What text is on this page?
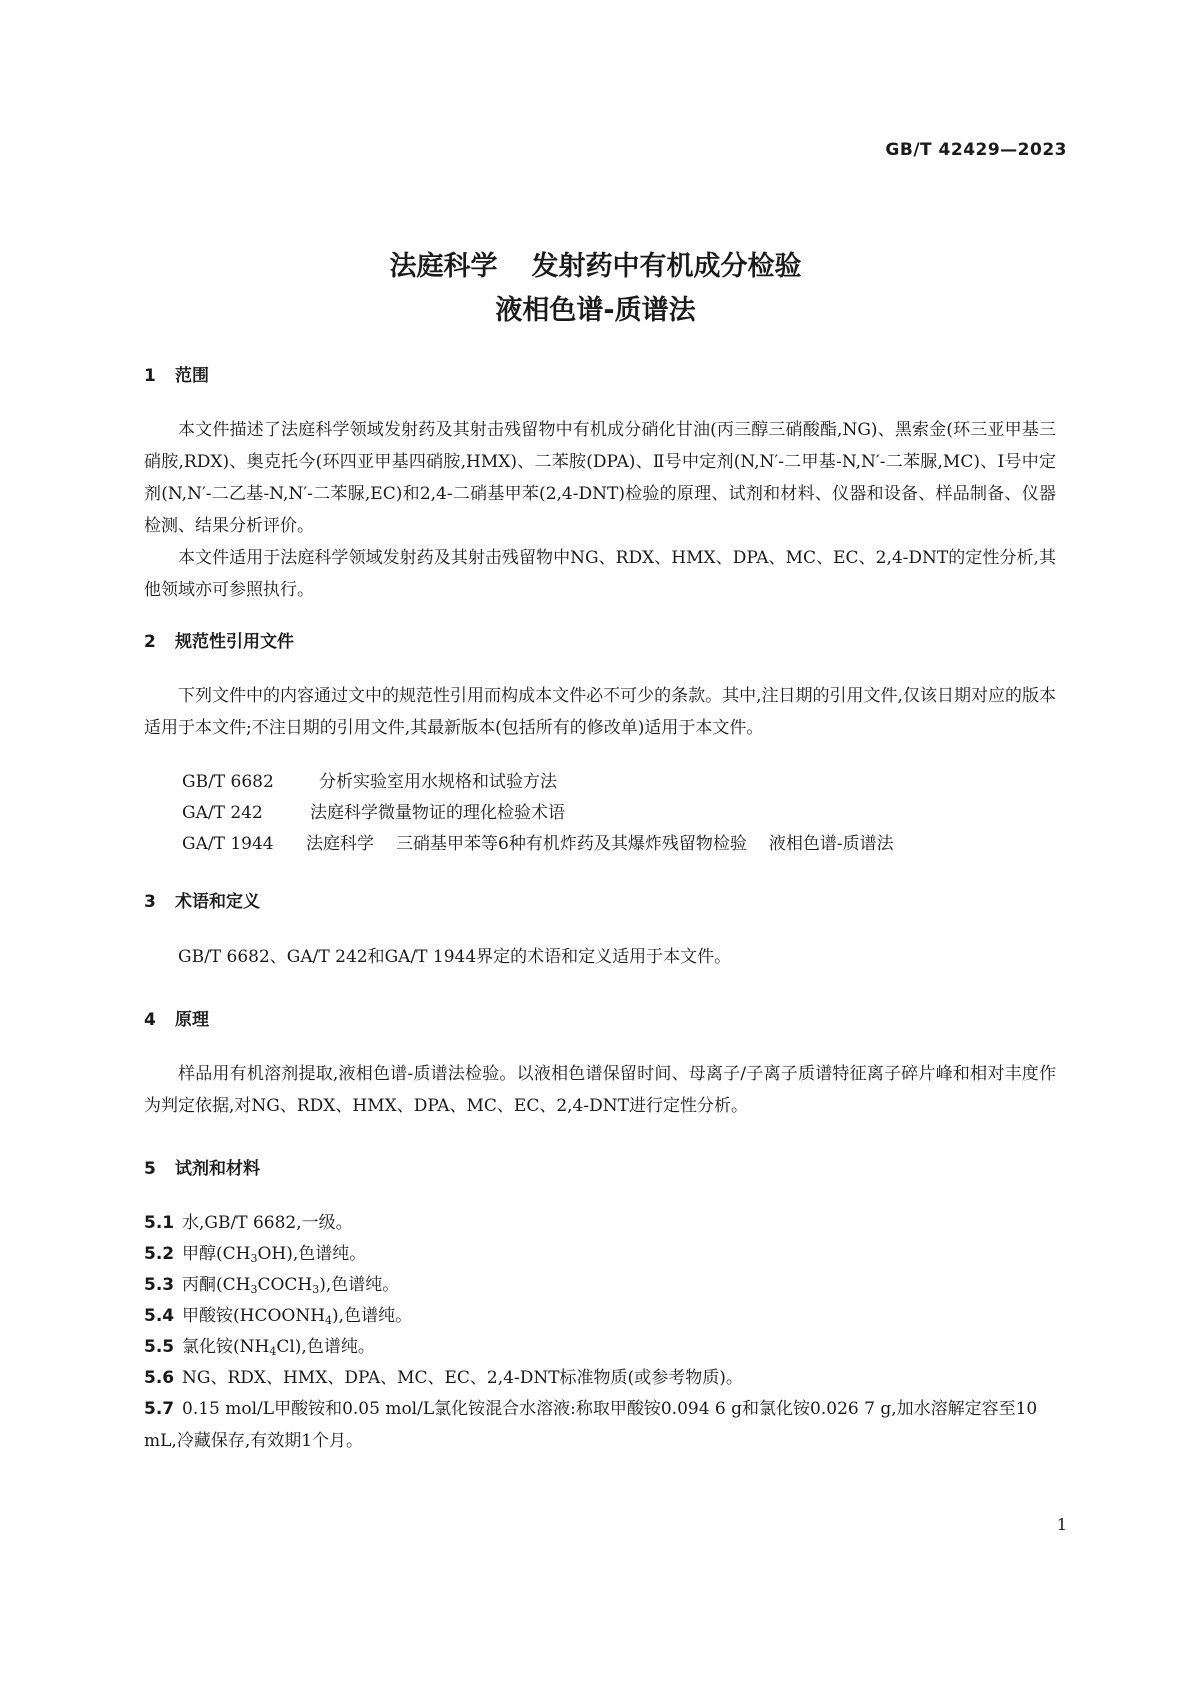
GB/T 42429—2023
法庭科学 发射药中有机成分检验
液相色谱-质谱法
1 范围
本文件描述了法庭科学领域发射药及其射击残留物中有机成分硝化甘油(丙三醇三硝酸酯,NG)、黑索金(环三亚甲基三硝胺,RDX)、奥克托今(环四亚甲基四硝胺,HMX)、二苯胺(DPA)、Ⅱ号中定剂(N,N′-二甲基-N,N′-二苯脲,MC)、Ⅰ号中定剂(N,N′-二乙基-N,N′-二苯脲,EC)和2,4-二硝基甲苯(2,4-DNT)检验的原理、试剂和材料、仪器和设备、样品制备、仪器检测、结果分析评价。
本文件适用于法庭科学领域发射药及其射击残留物中NG、RDX、HMX、DPA、MC、EC、2,4-DNT的定性分析,其他领域亦可参照执行。
2 规范性引用文件
下列文件中的内容通过文中的规范性引用而构成本文件必不可少的条款。其中,注日期的引用文件,仅该日期对应的版本适用于本文件;不注日期的引用文件,其最新版本(包括所有的修改单)适用于本文件。
GB/T 6682	分析实验室用水规格和试验方法
GA/T 242	法庭科学微量物证的理化检验术语
GA/T 1944 法庭科学 三硝基甲苯等6种有机炸药及其爆炸残留物检验 液相色谱-质谱法
3 术语和定义
GB/T 6682、GA/T 242和GA/T 1944界定的术语和定义适用于本文件。
4 原理
样品用有机溶剂提取,液相色谱-质谱法检验。以液相色谱保留时间、母离子/子离子质谱特征离子碎片峰和相对丰度作为判定依据,对NG、RDX、HMX、DPA、MC、EC、2,4-DNT进行定性分析。
5 试剂和材料
5.1 水,GB/T 6682,一级。
5.2 甲醇$(CH_3OH)$,色谱纯。
5.3 丙酮$(CH_3COCH_3)$,色谱纯。
5.4 甲酸铵$(HCOONH_4)$,色谱纯。
5.5 氯化铵$(NH_4Cl)$,色谱纯。
5.6 NG、RDX、HMX、DPA、MC、EC、2,4-DNT标准物质(或参考物质)。
5.7 0.15 mol/L甲酸铵和0.05 mol/L氯化铵混合水溶液:称取甲酸铵0.094 6 g和氯化铵0.026 7 g,加水溶解定容至10 mL,冷藏保存,有效期1个月。
1
